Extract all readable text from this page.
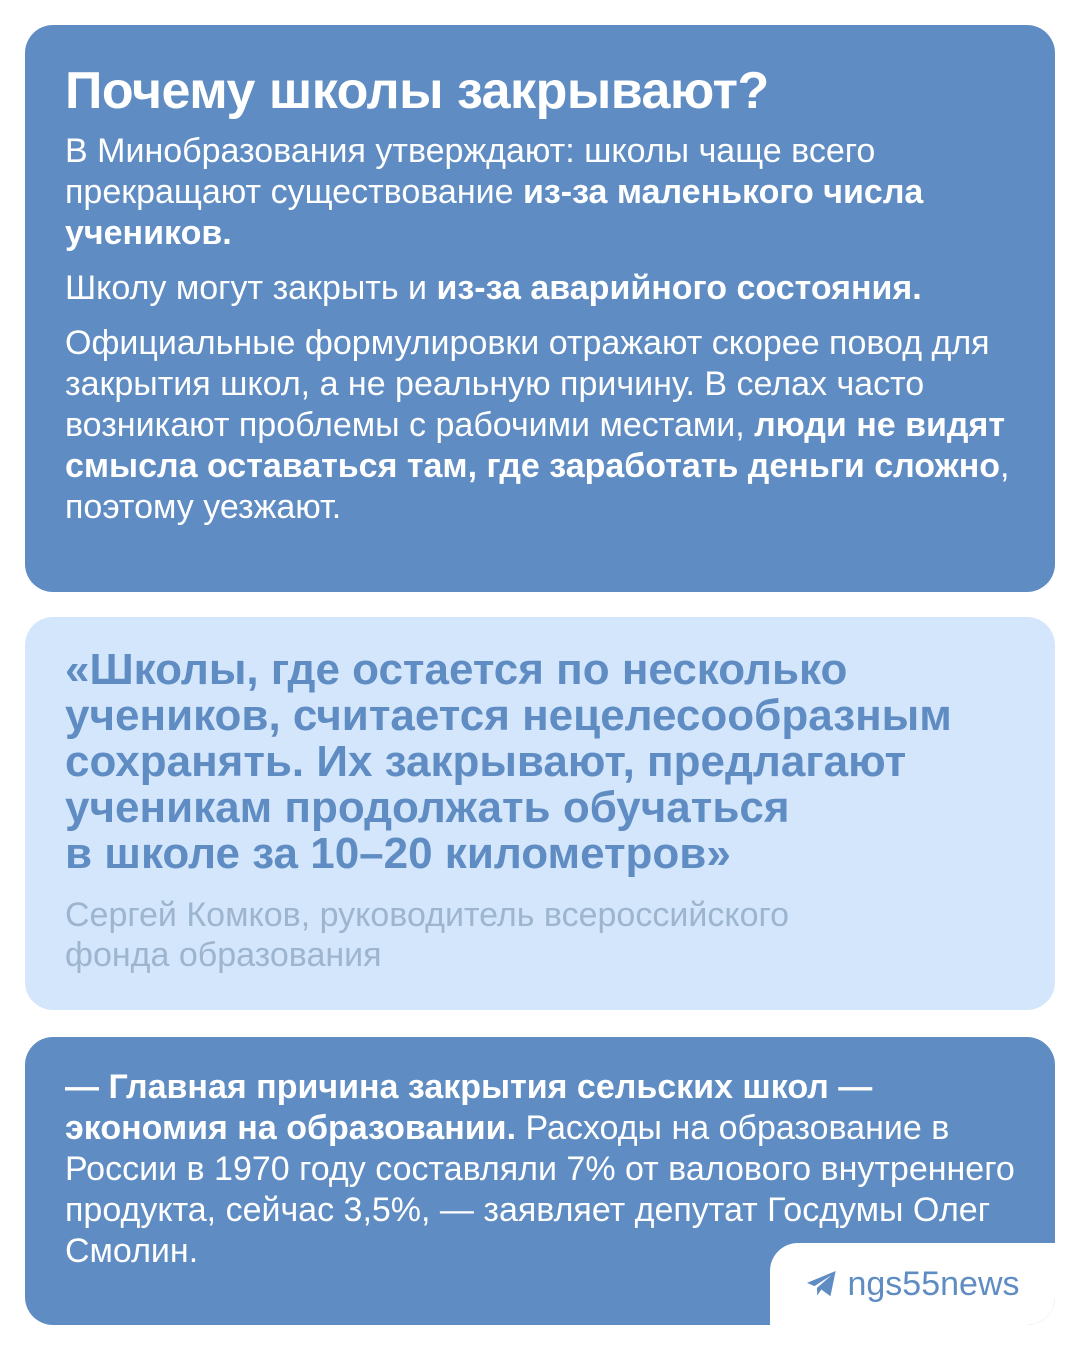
Почему школы закрывают?

В Минобразования утверждают: школы чаще всего прекращают существование из-за маленького числа учеников.

Школу могут закрыть и из-за аварийного состояния.

Официальные формулировки отражают скорее повод для закрытия школ, а не реальную причину. В селах часто возникают проблемы с рабочими местами, люди не видят смысла оставаться там, где заработать деньги сложно, поэтому уезжают.

«Школы, где остается по несколько
учеников, считается нецелесообразным
сохранять. Их закрывают, предлагают
ученикам продолжать обучаться
в школе за 10–20 километров»

Сергей Комков, руководитель всероссийского
фонда образования

— Главная причина закрытия сельских школ — экономия на образовании. Расходы на образование в России в 1970 году составляли 7% от валового внутреннего продукта, сейчас 3,5%, — заявляет депутат Госдумы Олег Смолин.

ngs55news
